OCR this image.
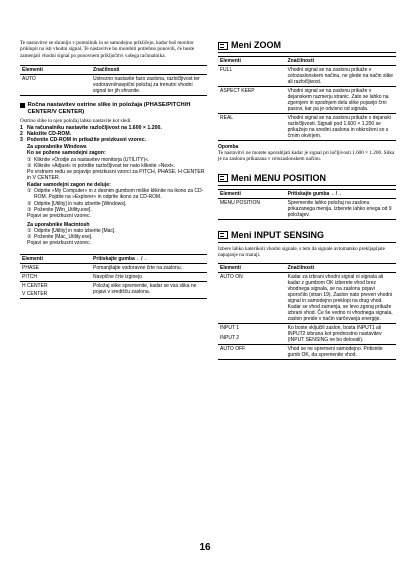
Te nastavitve se shranijo v pomnilnik in se samodejno prikličejo, kadar boš monitor priklopil na isti vhodni signal. Te nastavitve bo morebiti potrebno ponoviti, če boste zamenjali vhodni signal po ponovnem priključitvi vašega računalnika.

Elementi	Značilnosti
AUTO	Ustrezno nastavite fazo zaslona, razločljivost ter vodoravni/navpični položaj za trenutni vhodni signal ter jih shranite.
Ročna nastavitev ostrine slike in položaja (PHASE/PITCH/H CENTER/V CENTER)

Ostrino slike in njen položaj lahko nastavite kot sledi.

1 Na računalniku nastavite razločljivost na 1.600 × 1.200.
2 Naložite CD-ROM.
3 Poženite CD-ROM in prikažite preizkusni vzorec.
Za uporabnike Windows
Ko se požene samodejni zagon:
① Kliknite »Orodje za nastavitev monitorja (UTILITY)«.
② Kliknite »Adjust« in potrdite razločljivost ter nato kliknite »Next«.

Po vrstnem redu se pojavijo preizkusni vzorci za PITCH, PHASE, H CENTER in V CENTER.

Kadar samodejni zagon ne deluje:
① Odprite »My Computer« in z desnim gumbom miške kliknite na ikono za CD-ROM. Pojdite na »Explorer« in odprite ikono za CD-ROM.
② Odprite [Utility] in nato izberite [Windows].
③ Poženite [Win_Utility.exe].

Pojavi se preizkusni vzorec.

Za uporabnike Macintosh
① Odprite [Utility] in nato izberite [Mac].
② Poženite [Mac_Utility.exe].

Pojavi se preizkusni vzorec.

Elementi	Pritiskajte gumba ←/→
PHASE	Pomanjšajte vodoravne črte na zaslonu.
PITCH	Navpične črte izginejo.
H CENTER	Položaj slike spremenite, kadar se vsa slika ne pojavi v središču zaslona.
V CENTER	
Meni ZOOM
Elementi	Značilnosti
FULL	Vhodni signal se na zaslonu prikaže v celozaslonskem načinu, ne glede na način slike ali razločljivost.
ASPECT KEEP	Vhodni signal se na zaslonu prikaže v dejanskem razmerju stranic. Zato se lahko na zgornjem in spodnjem delu slike pojavijo črni pasovi, kar pa je odvisno od signala.
REAL	Vhodni signal se na zaslonu prikaže v dejanski razločljivosti. Signali pod 1.600 × 1.200 se prikažejo na sredini zaslona in obkroženi so s črnim okvirjem.
Opomba

Te nastavitvi ne morete uporabljati kadar je signal pri ločljivosti 1.600 × 1.200. Slika je na zaslonu prikazana v celozaslonskem načinu.

Meni MENU POSITION
Elementi	Pritiskajte gumba ←/→
MENU POSITION	Spremenite lahko položaj na zaslonu prikazanega menija. Izberete lahko enega od 9 položajev.
Meni INPUT SENSING

Izbere lahko katerikoli vhodni signale, s tem da signale avtomatsko prekljapljate napajanje na rnaraji.

Elementi	Značilnosti
AUTO ON	Kadar za izbrani vhodni signal ni signala ali kadar z gumbom OK izberete vhod brez vhodnega signala, se na zaslonu pojavi sporočilo (stran 19). Zaslon nato preveri vhodni signal in samodejno preklopi na drug vhod. Kadar se vhod zamenja, se levo zgoraj prikaže izbrani vhod. Če še vedno ni vhodnega signala, zaslon preide v način varčevanja energije.
INPUT 1	Ko boste vključili zaslon, bosta INPUT1 ali INPUT2 izbrana kot prednostno nastavitev (INPUT SENSING ne bo delovali).
INPUT 2	
AUTO OFF	Vhod se ne spremeni samodejno. Pritisnite gumb OK, da spremenite vhod.
16
